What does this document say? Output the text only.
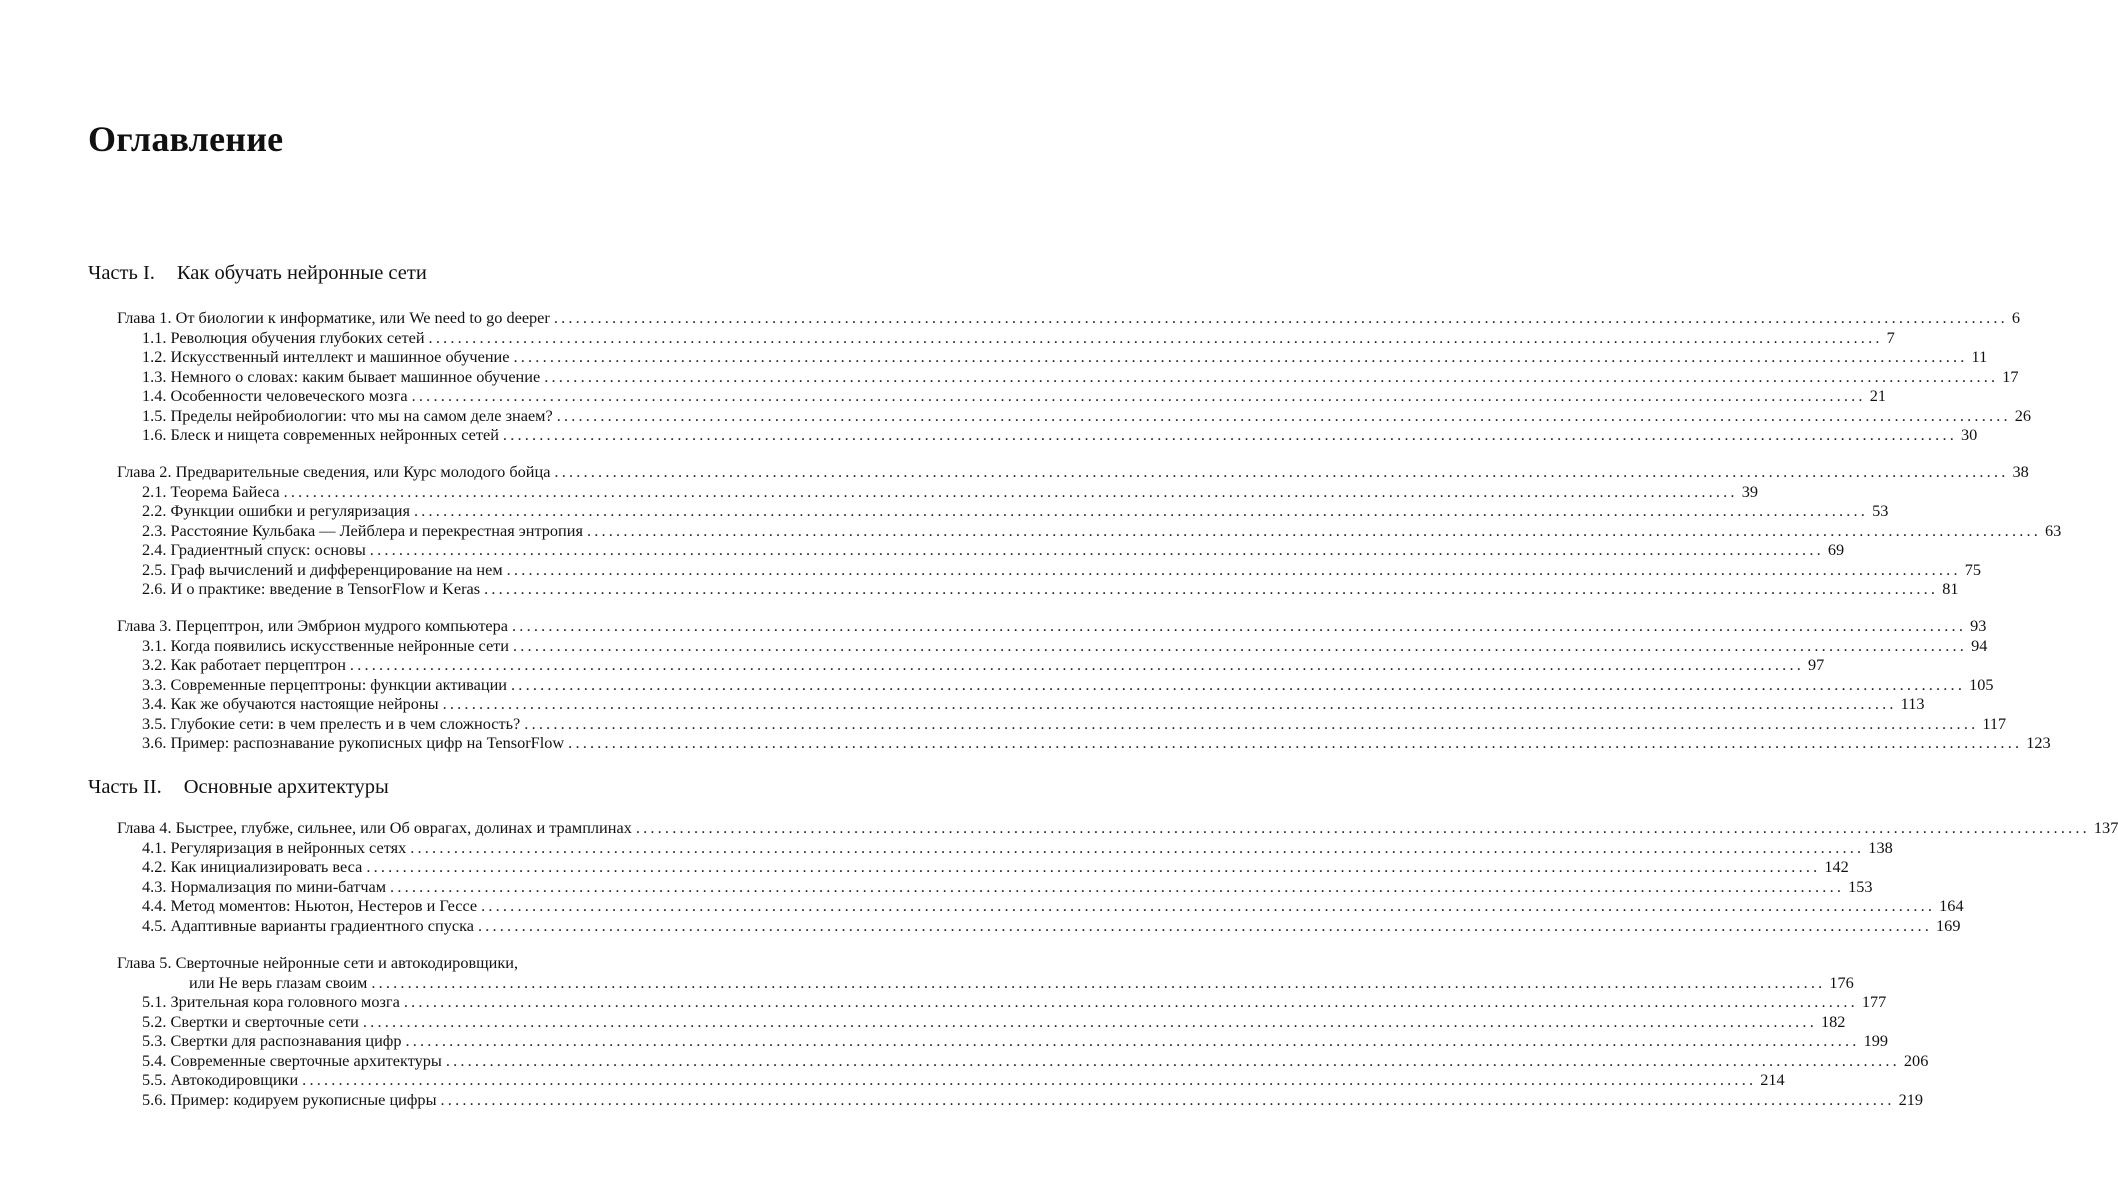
Оглавление
Часть I. Как обучать нейронные сети
Глава 1. От биологии к информатике, или We need to go deeper ........................................................................................................................................................................................................ 6
1.1. Революция обучения глубоких сетей ........................................................................................................................................................................................................ 7
1.2. Искусственный интеллект и машинное обучение ........................................................................................................................................................................................................ 11
1.3. Немного о словах: каким бывает машинное обучение ........................................................................................................................................................................................................ 17
1.4. Особенности человеческого мозга ........................................................................................................................................................................................................ 21
1.5. Пределы нейробиологии: что мы на самом деле знаем? ........................................................................................................................................................................................................ 26
1.6. Блеск и нищета современных нейронных сетей ........................................................................................................................................................................................................ 30
Глава 2. Предварительные сведения, или Курс молодого бойца ........................................................................................................................................................................................................ 38
2.1. Теорема Байеса ........................................................................................................................................................................................................ 39
2.2. Функции ошибки и регуляризация ........................................................................................................................................................................................................ 53
2.3. Расстояние Кульбака — Лейблера и перекрестная энтропия ........................................................................................................................................................................................................ 63
2.4. Градиентный спуск: основы ........................................................................................................................................................................................................ 69
2.5. Граф вычислений и дифференцирование на нем ........................................................................................................................................................................................................ 75
2.6. И о практике: введение в TensorFlow и Keras ........................................................................................................................................................................................................ 81
Глава 3. Перцептрон, или Эмбрион мудрого компьютера ........................................................................................................................................................................................................ 93
3.1. Когда появились искусственные нейронные сети ........................................................................................................................................................................................................ 94
3.2. Как работает перцептрон ........................................................................................................................................................................................................ 97
3.3. Современные перцептроны: функции активации ........................................................................................................................................................................................................ 105
3.4. Как же обучаются настоящие нейроны ........................................................................................................................................................................................................ 113
3.5. Глубокие сети: в чем прелесть и в чем сложность? ........................................................................................................................................................................................................ 117
3.6. Пример: распознавание рукописных цифр на TensorFlow ........................................................................................................................................................................................................ 123
Часть II. Основные архитектуры
Глава 4. Быстрее, глубже, сильнее, или Об оврагах, долинах и трамплинах ........................................................................................................................................................................................................ 137
4.1. Регуляризация в нейронных сетях ........................................................................................................................................................................................................ 138
4.2. Как инициализировать веса ........................................................................................................................................................................................................ 142
4.3. Нормализация по мини-батчам ........................................................................................................................................................................................................ 153
4.4. Метод моментов: Ньютон, Нестеров и Гессе ........................................................................................................................................................................................................ 164
4.5. Адаптивные варианты градиентного спуска ........................................................................................................................................................................................................ 169
Глава 5. Сверточные нейронные сети и автокодировщики,
или Не верь глазам своим ........................................................................................................................................................................................................ 176
5.1. Зрительная кора головного мозга ........................................................................................................................................................................................................ 177
5.2. Свертки и сверточные сети ........................................................................................................................................................................................................ 182
5.3. Свертки для распознавания цифр ........................................................................................................................................................................................................ 199
5.4. Современные сверточные архитектуры ........................................................................................................................................................................................................ 206
5.5. Автокодировщики ........................................................................................................................................................................................................ 214
5.6. Пример: кодируем рукописные цифры ........................................................................................................................................................................................................ 219
